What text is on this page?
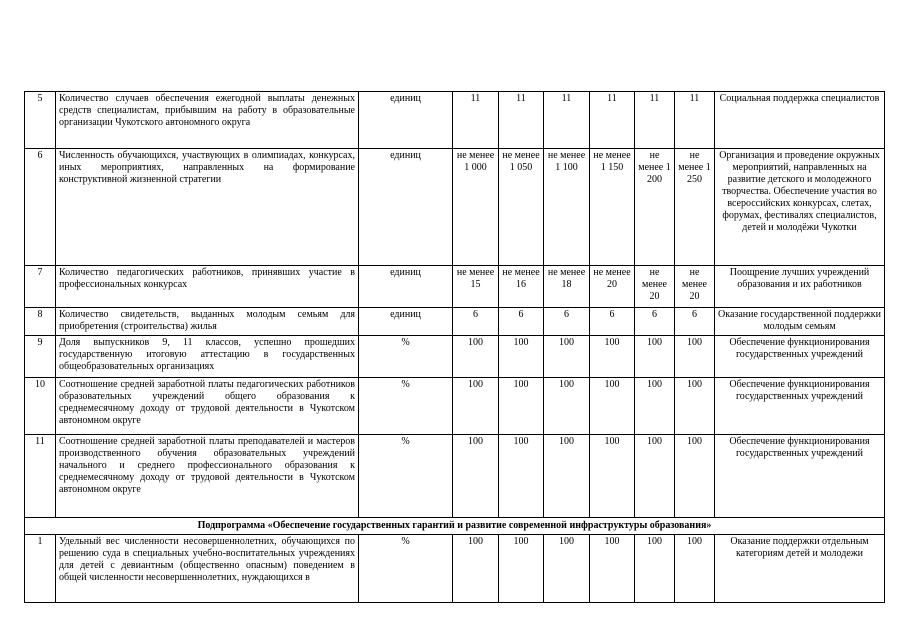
5	Количество случаев обеспечения ежегодной выплаты денежных средств специалистам, прибывшим на работу в образовательные организации Чукотского автономного округа	единиц	11	11	11	11	11	11	Социальная поддержка специалистов
6	Численность обучающихся, участвующих в олимпиадах, конкурсах, иных мероприятиях, направленных на формирование конструктивной жизненной стратегии	единиц	не менее 1 000	не менее 1 050	не менее 1 100	не менее 1 150	не менее 1 200	не менее 1 250	Организация и проведение окружных мероприятий, направленных на развитие детского и молодежного творчества. Обеспечение участия во всероссийских конкурсах, слетах, форумах, фестивалях специалистов, детей и молодёжи Чукотки
7	Количество педагогических работников, принявших участие в профессиональных конкурсах	единиц	не менее 15	не менее 16	не менее 18	не менее 20	не менее 20	не менее 20	Поощрение лучших учреждений образования и их работников
8	Количество свидетельств, выданных молодым семьям для приобретения (строительства) жилья	единиц	6	6	6	6	6	6	Оказание государственной поддержки молодым семьям
9	Доля выпускников 9, 11 классов, успешно прошедших государственную итоговую аттестацию в государственных общеобразовательных организациях	%	100	100	100	100	100	100	Обеспечение функционирования государственных учреждений
10	Соотношение средней заработной платы педагогических работников образовательных учреждений общего образования к среднемесячному доходу от трудовой деятельности в Чукотском автономном округе	%	100	100	100	100	100	100	Обеспечение функционирования государственных учреждений
11	Соотношение средней заработной платы преподавателей и мастеров производственного обучения образовательных учреждений начального и среднего профессионального образования к среднемесячному доходу от трудовой деятельности в Чукотском автономном округе	%	100	100	100	100	100	100	Обеспечение функционирования государственных учреждений
Подпрограмма «Обеспечение государственных гарантий и развитие современной инфраструктуры образования»									
1	Удельный вес численности несовершеннолетних, обучающихся по решению суда в специальных учебно-воспитательных учреждениях для детей с девиантным (общественно опасным) поведением в общей численности несовершеннолетних, нуждающихся в	%	100	100	100	100	100	100	Оказание поддержки отдельным категориям детей и молодежи
